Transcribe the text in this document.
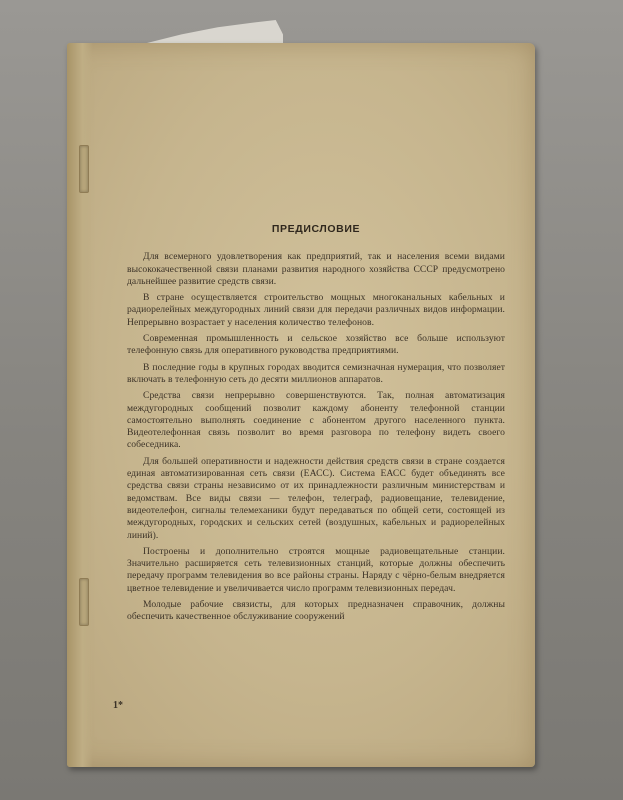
ПРЕДИСЛОВИЕ

Для всемерного удовлетворения как предприятий, так и населения всеми видами высококачественной связи планами развития народного хозяйства СССР предусмотрено дальнейшее развитие средств связи.

В стране осуществляется строительство мощных многоканальных кабельных и радиорелейных междугородных линий связи для передачи различных видов информации. Непрерывно возрастает у населения количество телефонов.

Современная промышленность и сельское хозяйство все больше используют телефонную связь для оперативного руководства предприятиями.

В последние годы в крупных городах вводится семизначная нумерация, что позволяет включать в телефонную сеть до десяти миллионов аппаратов.

Средства связи непрерывно совершенствуются. Так, полная автоматизация междугородных сообщений позволит каждому абоненту телефонной станции самостоятельно выполнять соединение с абонентом другого населенного пункта. Видеотелефонная связь позволит во время разговора по телефону видеть своего собеседника.

Для большей оперативности и надежности действия средств связи в стране создается единая автоматизированная сеть связи (ЕАСС). Система ЕАСС будет объединять все средства связи страны независимо от их принадлежности различным министерствам и ведомствам. Все виды связи — телефон, телеграф, радиовещание, телевидение, видеотелефон, сигналы телемеханики будут передаваться по общей сети, состоящей из междугородных, городских и сельских сетей (воздушных, кабельных и радиорелейных линий).

Построены и дополнительно строятся мощные радиовещательные станции. Значительно расширяется сеть телевизионных станций, которые должны обеспечить передачу программ телевидения во все районы страны. Наряду с чёрно-белым внедряется цветное телевидение и увеличивается число программ телевизионных передач.

Молодые рабочие связисты, для которых предназначен справочник, должны обеспечить качественное обслуживание сооружений

1*
